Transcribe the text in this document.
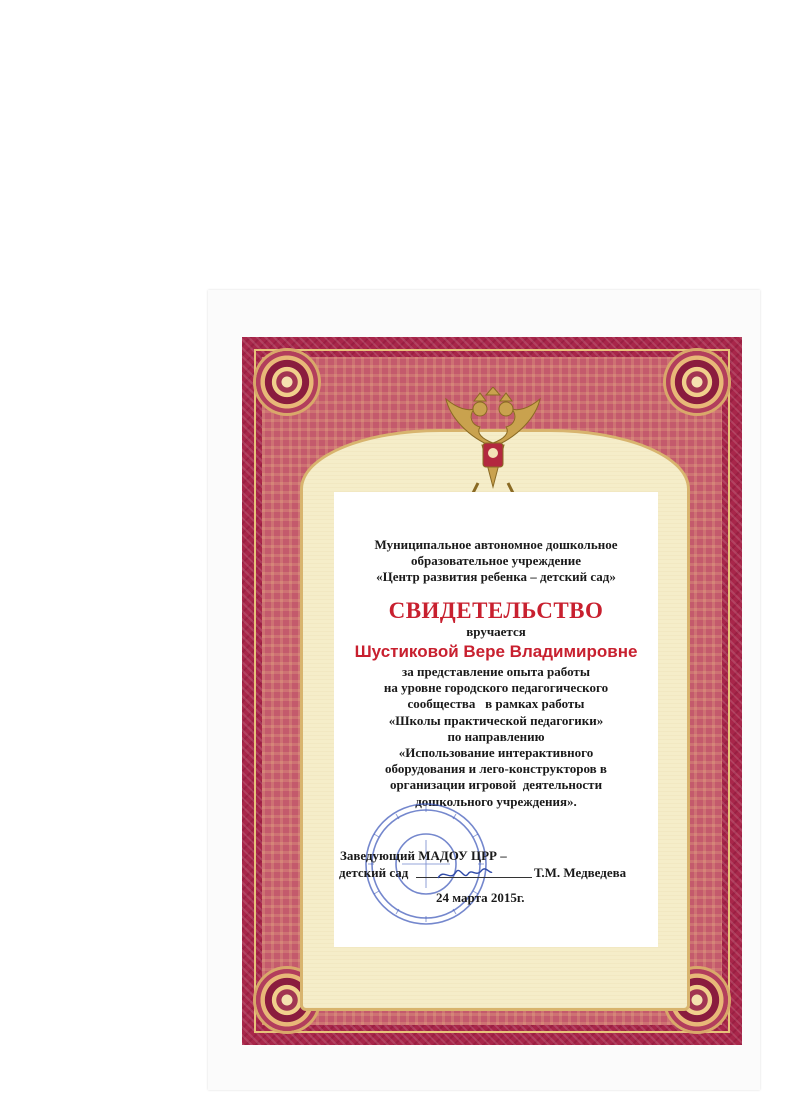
Муниципальное автономное дошкольное

образовательное учреждение

«Центр развития ребенка – детский сад»

СВИДЕТЕЛЬСТВО

вручается

Шустиковой Вере Владимировне

за представление опыта работы

на уровне городского педагогического

сообщества   в рамках работы

«Школы практической педагогики»

по направлению

«Использование интерактивного

оборудования и лего-конструкторов в

организации игровой  деятельности

дошкольного учреждения».

Заведующий МАДОУ ЦРР –
детский сад	Т.М. Медведева
24 марта 2015г.
